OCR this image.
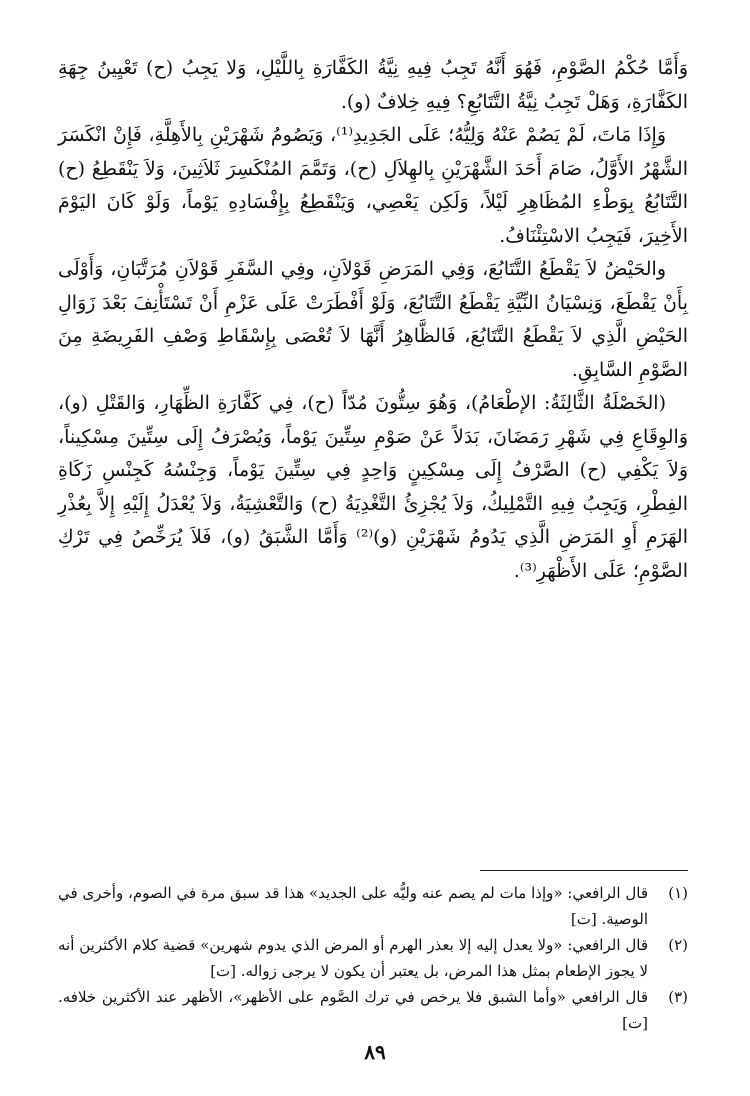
وَأَمَّا حُكْمُ الصَّوْمِ، فَهُوَ أَنَّهُ تَجِبُ فِيهِ نِيَّةُ الكَفَّارَةِ بِاللَّيْلِ، وَلا يَجِبُ (ح) تَعْيِينُ جِهَةِ الكَفَّارَةِ، وَهَلْ تَجِبُ نِيَّةُ التَّتَابُعِ؟ فِيهِ خِلافٌ (و).

وَإِذَا مَاتَ، لَمْ يَصُمْ عَنْهُ وَلِيُّهُ؛ عَلَى الجَدِيدِ⁽¹⁾، وَيَصُومُ شَهْرَيْنِ بِالأَهِلَّةِ، فَإِنْ انْكَسَرَ الشَّهْرُ الأَوَّلُ، صَامَ أَحَدَ الشَّهْرَيْنِ بِالهِلاَلِ (ح)، وَتَمَّمَ المُنْكَسِرَ ثَلاَثِينَ، وَلاَ يَنْقَطِعُ (ح) التَّتَابُعُ بِوَطْءِ المُظَاهِرِ لَيْلاً، وَلَكِن يَعْصِي، وَيَنْقَطِعُ بِإِفْسَادِهِ يَوْماً، وَلَوْ كَانَ اليَوْمَ الأَخِيرَ، فَيَجِبُ الاسْتِئْنَافُ.

والحَيْضُ لاَ يَقْطَعُ التَّتَابُعَ، وَفِي المَرَضِ قَوْلاَنِ، وفِي السَّفَرِ قَوْلاَنِ مُرَتَّبَانِ، وَأَوْلَى بِأَنْ يَقْطَعَ، وَنِسْيَانُ النِّيَّةِ يَقْطَعُ التَّتَابُعَ، وَلَوْ أَفْطَرَتْ عَلَى عَزْمِ أَنْ تَسْتَأْنِفَ بَعْدَ زَوَالِ الحَيْضِ الَّذِي لاَ يَقْطَعُ التَّتَابُعَ، فَالظَّاهِرُ أَنَّهَا لاَ تُعْصَى بِإِسْقَاطِ وَصْفِ الفَرِيضَةِ مِنَ الصَّوْمِ السَّابِقِ.

(الخَصْلَةُ الثَّالِثَةُ: الإطْعَامُ)، وَهُوَ سِتُّونَ مُدّاً (ح)، فِي كَفَّارَةِ الظِّهَارِ، وَالقَتْلِ (و)، وَالوِقَاعِ فِي شَهْرِ رَمَضَانَ، بَدَلاً عَنْ صَوْمِ سِتِّينَ يَوْماً، وَيُصْرَفُ إِلَى سِتِّينَ مِسْكِيناً، وَلاَ يَكْفِي (ح) الصَّرْفُ إِلَى مِسْكِينٍ وَاحِدٍ فِي سِتِّينَ يَوْماً، وَجِنْسُهُ كَجِنْسِ زَكَاةِ الفِطْرِ، وَيَجِبُ فِيهِ التَّمْلِيكُ، وَلاَ يُجْزِئُ التَّغْدِيَةُ (ح) وَالتَّعْشِيَةُ، وَلاَ يُعْدَلُ إِلَيْهِ إِلاَّ بِعُذْرِ الهَرَمِ أَوِ المَرَضِ الَّذِي يَدُومُ شَهْرَيْنِ (و)⁽²⁾ وَأَمَّا الشَّبَقُ (و)، فَلاَ يُرَخِّصُ فِي تَرْكِ الصَّوْمِ؛ عَلَى الأَظْهَرِ⁽³⁾.

(١)
قال الرافعي: «وإذا مات لم يصم عنه وليُّه على الجديد» هذا قد سبق مرة في الصوم، وأخرى في الوصية. [ت]
(٢)
قال الرافعي: «ولا يعدل إليه إلا بعذر الهرم أو المرض الذي يدوم شهرين» قضية كلام الأكثرين أنه لا يجوز الإطعام بمثل هذا المرض، بل يعتبر أن يكون لا يرجى زواله. [ت]
(٣)
قال الرافعي «وأما الشبق فلا يرخص في ترك الصَّوم على الأظهر»، الأظهر عند الأكثرين خلافه. [ت]
٨٩
